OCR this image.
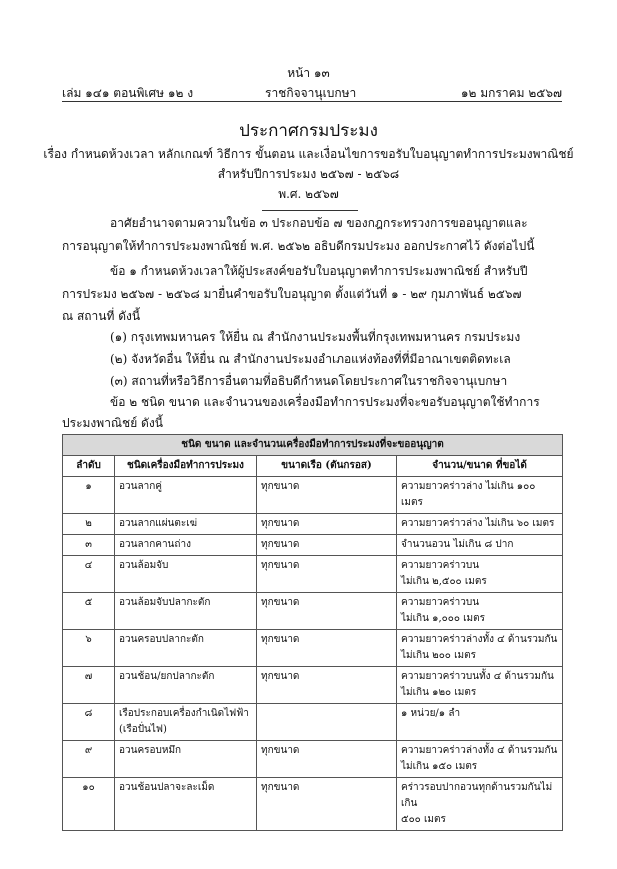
หน้า ๑๓
เล่ม ๑๔๑ ตอนพิเศษ ๑๒ ง	ราชกิจจานุเบกษา	๑๒ มกราคม ๒๕๖๗
ประกาศกรมประมง
เรื่อง กำหนดห้วงเวลา หลักเกณฑ์ วิธีการ ขั้นตอน และเงื่อนไขการขอรับใบอนุญาตทำการประมงพาณิชย์
สำหรับปีการประมง ๒๕๖๗ - ๒๕๖๘
พ.ศ. ๒๕๖๗
อาศัยอำนาจตามความในข้อ ๓ ประกอบข้อ ๗ ของกฎกระทรวงการขออนุญาตและ
การอนุญาตให้ทำการประมงพาณิชย์ พ.ศ. ๒๕๖๒ อธิบดีกรมประมง ออกประกาศไว้ ดังต่อไปนี้
ข้อ ๑ กำหนดห้วงเวลาให้ผู้ประสงค์ขอรับใบอนุญาตทำการประมงพาณิชย์ สำหรับปี
การประมง ๒๕๖๗ - ๒๕๖๘ มายื่นคำขอรับใบอนุญาต ตั้งแต่วันที่ ๑ - ๒๙ กุมภาพันธ์ ๒๕๖๗
ณ สถานที่ ดังนี้
(๑) กรุงเทพมหานคร ให้ยื่น ณ สำนักงานประมงพื้นที่กรุงเทพมหานคร กรมประมง
(๒) จังหวัดอื่น ให้ยื่น ณ สำนักงานประมงอำเภอแห่งท้องที่ที่มีอาณาเขตติดทะเล
(๓) สถานที่หรือวิธีการอื่นตามที่อธิบดีกำหนดโดยประกาศในราชกิจจานุเบกษา
ข้อ ๒ ชนิด ขนาด และจำนวนของเครื่องมือทำการประมงที่จะขอรับอนุญาตใช้ทำการ
ประมงพาณิชย์ ดังนี้
ชนิด ขนาด และจำนวนเครื่องมือทำการประมงที่จะขออนุญาต			
ลำดับ	ชนิดเครื่องมือทำการประมง	ขนาดเรือ (ตันกรอส)	จำนวน/ขนาด ที่ขอได้
๑	อวนลากคู่	ทุกขนาด	ความยาวคร่าวล่าง ไม่เกิน ๑๐๐ เมตร

๒	อวนลากแผ่นตะเฆ่	ทุกขนาด	ความยาวคร่าวล่าง ไม่เกิน ๖๐ เมตร

๓	อวนลากคานถ่าง	ทุกขนาด	จำนวนอวน ไม่เกิน ๘ ปาก

๔	อวนล้อมจับ	ทุกขนาด	ความยาวคร่าวบน
ไม่เกิน ๒,๕๐๐ เมตร

๕	อวนล้อมจับปลากะตัก	ทุกขนาด	ความยาวคร่าวบน
ไม่เกิน ๑,๐๐๐ เมตร

๖	อวนครอบปลากะตัก	ทุกขนาด	ความยาวคร่าวล่างทั้ง ๔ ด้านรวมกัน
ไม่เกิน ๒๐๐ เมตร

๗	อวนช้อน/ยกปลากะตัก	ทุกขนาด	ความยาวคร่าวบนทั้ง ๔ ด้านรวมกัน
ไม่เกิน ๑๒๐ เมตร

๘	เรือประกอบเครื่องกำเนิดไฟฟ้า
(เรือปั่นไฟ)		๑ หน่วย/๑ ลำ

๙	อวนครอบหมึก	ทุกขนาด	ความยาวคร่าวล่างทั้ง ๔ ด้านรวมกัน
ไม่เกิน ๑๕๐ เมตร

๑๐	อวนช้อนปลาจะละเม็ด	ทุกขนาด	คร่าวรอบปากอวนทุกด้านรวมกันไม่เกิน
๕๐๐ เมตร
